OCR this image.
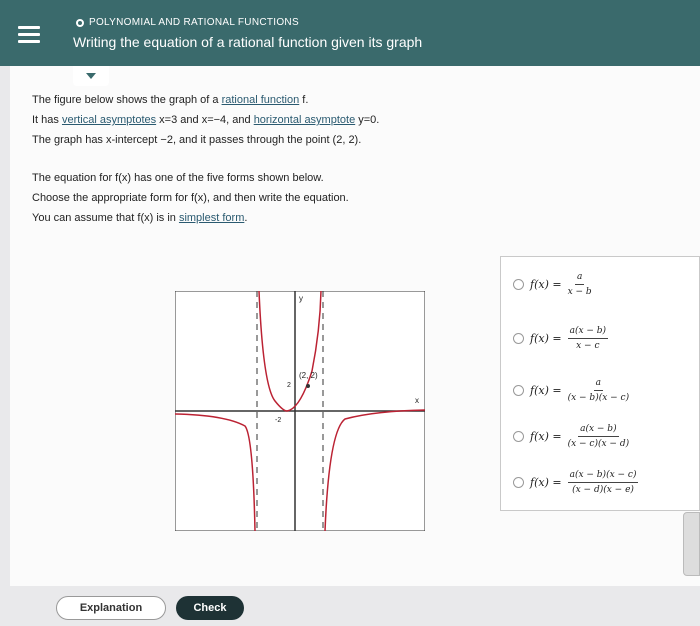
POLYNOMIAL AND RATIONAL FUNCTIONS
Writing the equation of a rational function given its graph
The figure below shows the graph of a rational function f.
It has vertical asymptotes x=3 and x=−4, and horizontal asymptote y=0.
The graph has x-intercept −2, and it passes through the point (2, 2).
The equation for f(x) has one of the five forms shown below.
Choose the appropriate form for f(x), and then write the equation.
You can assume that f(x) is in simplest form.
(2, 2)
x
y
-2
2
$f(x) = \frac{a}{x - b}$
$f(x) = \frac{a(x - b)}{x - c}$
$f(x) = \frac{a}{(x - b)(x - c)}$
$f(x) = \frac{a(x - b)}{(x - c)(x - d)}$
$f(x) = \frac{a(x - b)(x - c)}{(x - d)(x - e)}$
Explanation	Check
